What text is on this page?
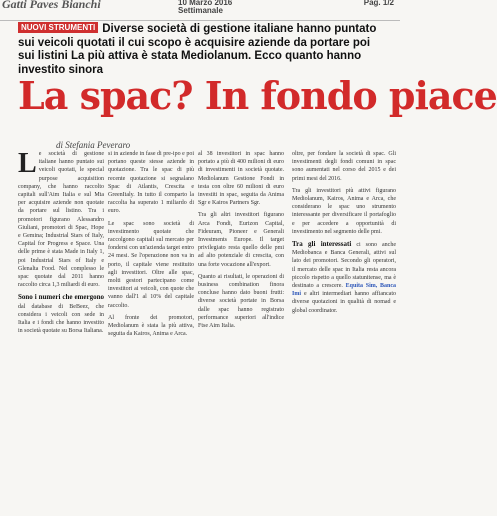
Gatti Paves Bianchi	10 Marzo 2016
Settimanale
Pag. 1/2
NUOVI STRUMENTI Diverse società di gestione italiane hanno puntato sui veicoli quotati il cui scopo è acquisire aziende da portare poi sui listini La più attiva è stata Mediolanum. Ecco quanto hanno investito sinora
La spac? In fondo piace
di Stefania Peveraro
Le società di gestione italiane hanno puntato sui veicoli quotati, le special purpose acquisition company, che hanno raccolto capitali sull'Aim Italia e sul Mta per acquisire aziende non quotate da portare sul listino. Tra i promotori figurano Alessandro Giuliani, promotori di Spac, Hope e Gemina; Industrial Stars of Italy, Capital for Progress e Space. Una delle prime è stata Made in Italy 1, poi Industrial Stars of Italy e Glenalta Food. Nel complesso le spac quotate dal 2011 hanno raccolto circa 1,3 miliardi di euro.
Sono i numeri che emergono dal database di BeBeez, che considera i veicoli con sede in Italia e i fondi che hanno investito in società quotate su Borsa Italiana.
si in aziende in fase di pre-ipo e poi portano queste stesse aziende in quotazione. Tra le spac di più recente quotazione si segnalano Spac di Atlantis, Crescita e GreenItaly. In tutto il comparto la raccolta ha superato 1 miliardo di euro.
Le spac sono società di investimento quotate che raccolgono capitali sul mercato per fondersi con un'azienda target entro 24 mesi. Se l'operazione non va in porto, il capitale viene restituito agli investitori. Oltre alle spac, molti gestori partecipano come investitori ai veicoli, con quote che vanno dall'1 al 10% del capitale raccolto.
Al fronte dei promotori, Mediolanum è stata la più attiva, seguita da Kairos, Anima e Arca.
al 38 investitori in spac hanno portato a più di 400 milioni di euro di investimenti in società quotate. Mediolanum Gestione Fondi in testa con oltre 60 milioni di euro investiti in spac, seguita da Anima Sgr e Kairos Partners Sgr.
Tra gli altri investitori figurano Arca Fondi, Eurizon Capital, Fideuram, Pioneer e Generali Investments Europe. Il target privilegiato resta quello delle pmi ad alto potenziale di crescita, con una forte vocazione all'export.
Quanto ai risultati, le operazioni di business combination finora concluse hanno dato buoni frutti: diverse società portate in Borsa dalle spac hanno registrato performance superiori all'indice Ftse Aim Italia.
oltre, per fondare la società di spac. Gli investimenti degli fondi comuni in spac sono aumentati nel corso del 2015 e dei primi mesi del 2016.
Tra gli investitori più attivi figurano Mediolanum, Kairos, Anima e Arca, che considerano le spac uno strumento interessante per diversificare il portafoglio e per accedere a opportunità di investimento nel segmento delle pmi.
Tra gli interessati ci sono anche Mediobanca e Banca Generali, attivi sul lato dei promotori. Secondo gli operatori, il mercato delle spac in Italia resta ancora piccolo rispetto a quello statunitense, ma è destinato a crescere. Equita Sim, Banca Imi e altri intermediari hanno affiancato diverse quotazioni in qualità di nomad e global coordinator.
